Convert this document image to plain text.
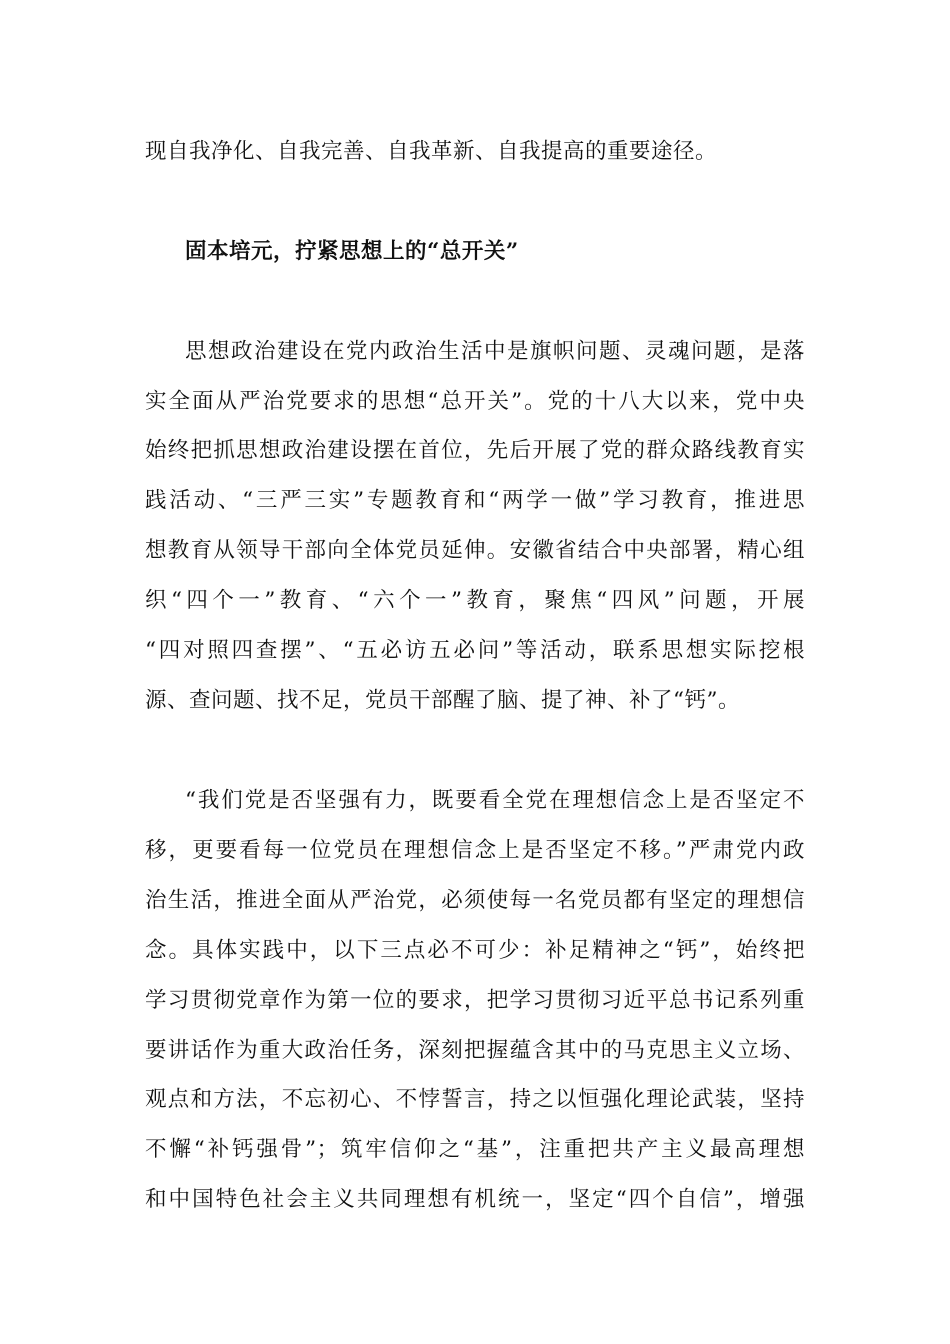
现自我净化、自我完善、自我革新、自我提高的重要途径。
固本培元，拧紧思想上的“总开关”
思想政治建设在党内政治生活中是旗帜问题、灵魂问题，是落
实全面从严治党要求的思想“总开关”。党的十八大以来，党中央
始终把抓思想政治建设摆在首位，先后开展了党的群众路线教育实
践活动、“三严三实”专题教育和“两学一做”学习教育，推进思
想教育从领导干部向全体党员延伸。安徽省结合中央部署，精心组
织“四个一”教育、“六个一”教育，聚焦“四风”问题，开展
“四对照四查摆”、“五必访五必问”等活动，联系思想实际挖根
源、查问题、找不足，党员干部醒了脑、提了神、补了“钙”。
“我们党是否坚强有力，既要看全党在理想信念上是否坚定不
移，更要看每一位党员在理想信念上是否坚定不移。”严肃党内政
治生活，推进全面从严治党，必须使每一名党员都有坚定的理想信
念。具体实践中，以下三点必不可少：补足精神之“钙”，始终把
学习贯彻党章作为第一位的要求，把学习贯彻习近平总书记系列重
要讲话作为重大政治任务，深刻把握蕴含其中的马克思主义立场、
观点和方法，不忘初心、不悖誓言，持之以恒强化理论武装，坚持
不懈“补钙强骨”；筑牢信仰之“基”，注重把共产主义最高理想
和中国特色社会主义共同理想有机统一，坚定“四个自信”，增强
